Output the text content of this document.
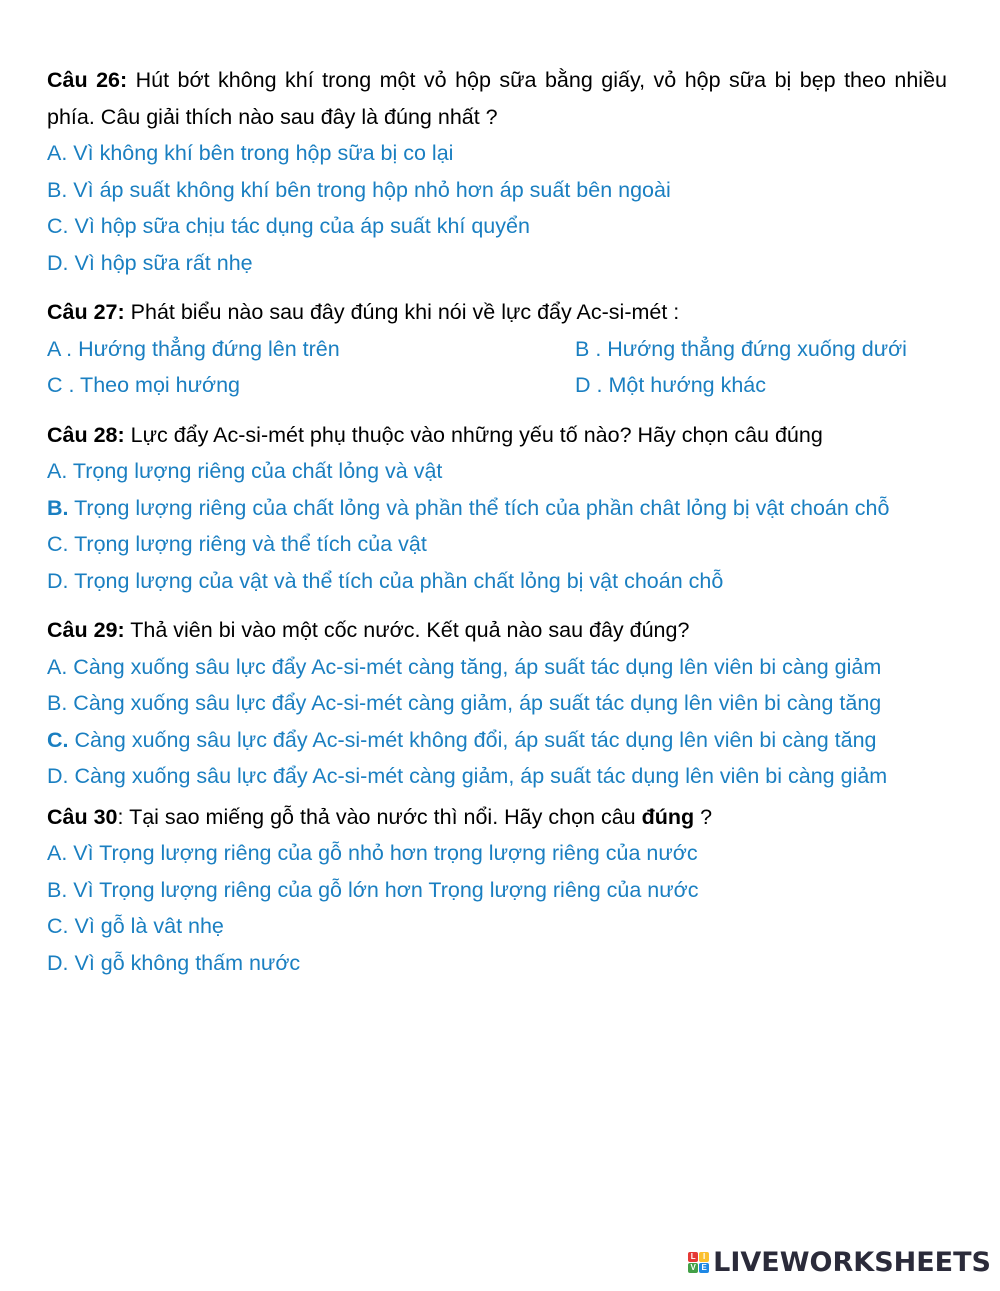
Câu 26: Hút bớt không khí trong một vỏ hộp sữa bằng giấy, vỏ hộp sữa bị bẹp theo nhiều phía. Câu giải thích nào sau đây là đúng nhất ?
A. Vì không khí bên trong hộp sữa bị co lại
B. Vì áp suất không khí bên trong hộp nhỏ hơn áp suất bên ngoài
C. Vì hộp sữa chịu tác dụng của áp suất khí quyển
D. Vì hộp sữa rất nhẹ
Câu 27: Phát biểu nào sau đây đúng khi nói về lực đẩy Ac-si-mét :
A . Hướng thẳng đứng lên trên	B . Hướng thẳng đứng xuống dưới
C . Theo mọi hướng	D . Một hướng khác
Câu 28: Lực đẩy Ac-si-mét phụ thuộc vào những yếu tố nào? Hãy chọn câu đúng
A. Trọng lượng riêng của chất lỏng và vật
B. Trọng lượng riêng của chất lỏng và phần thể tích của phần chât lỏng bị vật choán chỗ
C. Trọng lượng riêng và thể tích của vật
D. Trọng lượng của vật và thể tích của phần chất lỏng bị vật choán chỗ
Câu 29: Thả viên bi vào một cốc nước. Kết quả nào sau đây đúng?
A. Càng xuống sâu lực đẩy Ac-si-mét càng tăng, áp suất tác dụng lên viên bi càng giảm
B. Càng xuống sâu lực đẩy Ac-si-mét càng giảm, áp suất tác dụng lên viên bi càng tăng
C. Càng xuống sâu lực đẩy Ac-si-mét không đổi, áp suất tác dụng lên viên bi càng tăng
D. Càng xuống sâu lực đẩy Ac-si-mét càng giảm, áp suất tác dụng lên viên bi càng giảm
Câu 30: Tại sao miếng gỗ thả vào nước thì nổi. Hãy chọn câu đúng ?
A. Vì Trọng lượng riêng của gỗ nhỏ hơn trọng lượng riêng của nước
B. Vì Trọng lượng riêng của gỗ lớn hơn Trọng lượng riêng của nước
C. Vì gỗ là vât nhẹ
D. Vì gỗ không thấm nước
L I
V E LIVEWORKSHEETS
